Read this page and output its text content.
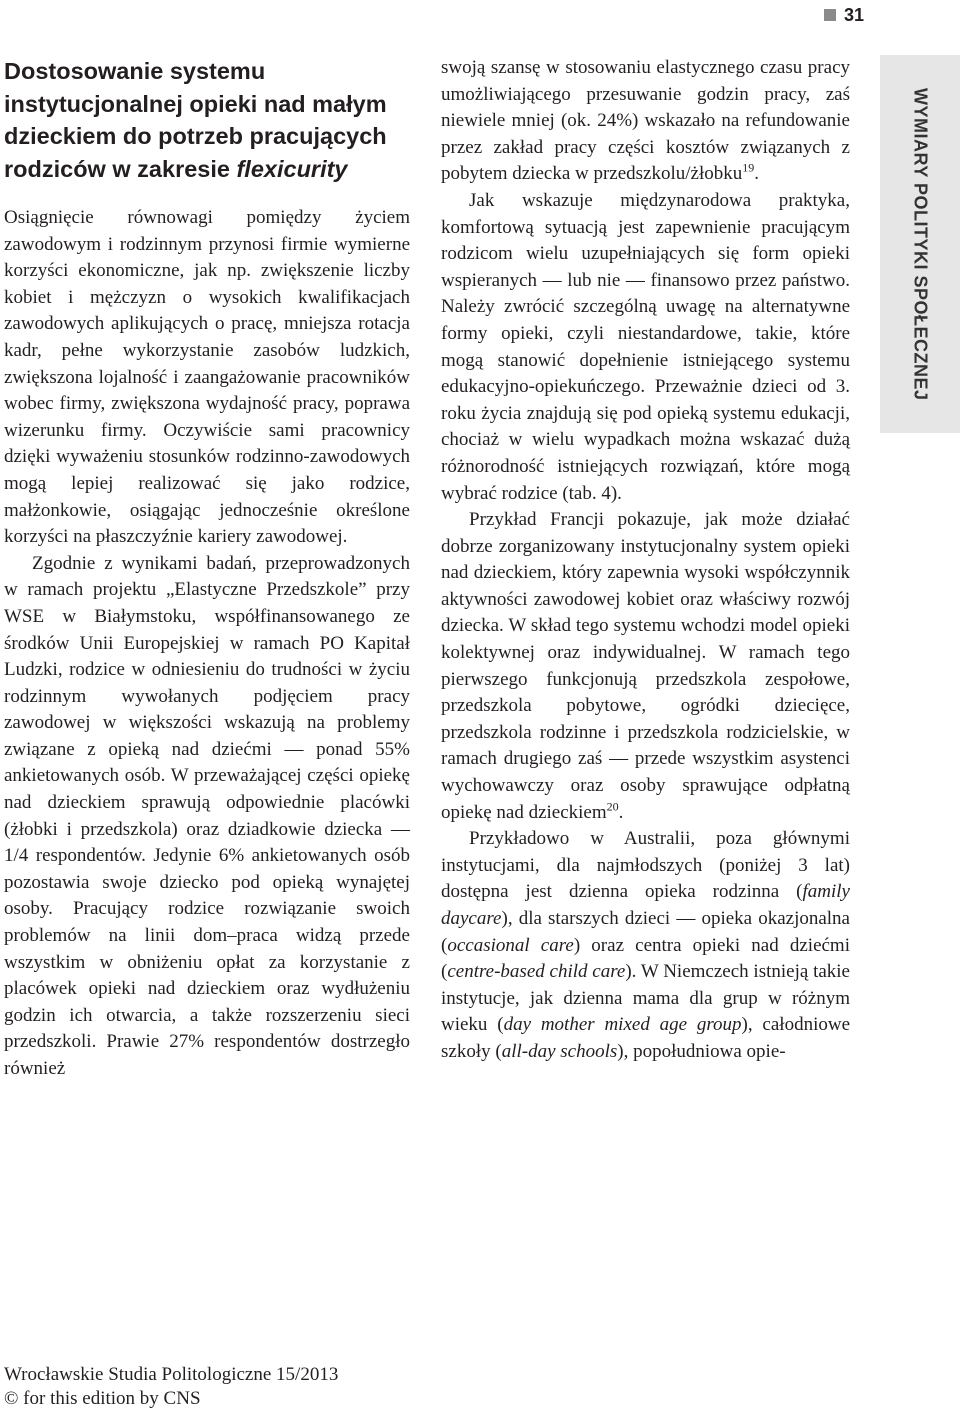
31
WYMIARY POLITYKI SPOŁECZNEJ
Dostosowanie systemu instytucjonalnej opieki nad małym dzieckiem do potrzeb pracujących rodziców w zakresie flexicurity

Osiągnięcie równowagi pomiędzy życiem zawodowym i rodzinnym przynosi firmie wymierne korzyści ekonomiczne, jak np. zwiększenie liczby kobiet i mężczyzn o wysokich kwalifikacjach zawodowych aplikujących o pracę, mniejsza rotacja kadr, pełne wykorzystanie zasobów ludzkich, zwiększona lojalność i zaangażowanie pracowników wobec firmy, zwiększona wydajność pracy, poprawa wizerunku firmy. Oczywiście sami pracownicy dzięki wyważeniu stosunków rodzinno-zawodowych mogą lepiej realizować się jako rodzice, małżonkowie, osiągając jednocześnie określone korzyści na płaszczyźnie kariery zawodowej.

Zgodnie z wynikami badań, przeprowadzonych w ramach projektu „Elastyczne Przedszkole” przy WSE w Białymstoku, współfinansowanego ze środków Unii Europejskiej w ramach PO Kapitał Ludzki, rodzice w odniesieniu do trudności w życiu rodzinnym wywołanych podjęciem pracy zawodowej w większości wskazują na problemy związane z opieką nad dziećmi — ponad 55% ankietowanych osób. W przeważającej części opiekę nad dzieckiem sprawują odpowiednie placówki (żłobki i przedszkola) oraz dziadkowie dziecka — 1/4 respondentów. Jedynie 6% ankietowanych osób pozostawia swoje dziecko pod opieką wynajętej osoby. Pracujący rodzice rozwiązanie swoich problemów na linii dom–praca widzą przede wszystkim w obniżeniu opłat za korzystanie z placówek opieki nad dzieckiem oraz wydłużeniu godzin ich otwarcia, a także rozszerzeniu sieci przedszkoli. Prawie 27% respondentów dostrzegło również

swoją szansę w stosowaniu elastycznego czasu pracy umożliwiającego przesuwanie godzin pracy, zaś niewiele mniej (ok. 24%) wskazało na refundowanie przez zakład pracy części kosztów związanych z pobytem dziecka w przedszkolu/żłobku$^{19}$.

Jak wskazuje międzynarodowa praktyka, komfortową sytuacją jest zapewnienie pracującym rodzicom wielu uzupełniających się form opieki wspieranych — lub nie — finansowo przez państwo. Należy zwrócić szczególną uwagę na alternatywne formy opieki, czyli niestandardowe, takie, które mogą stanowić dopełnienie istniejącego systemu edukacyjno-opiekuńczego. Przeważnie dzieci od 3. roku życia znajdują się pod opieką systemu edukacji, chociaż w wielu wypadkach można wskazać dużą różnorodność istniejących rozwiązań, które mogą wybrać rodzice (tab. 4).

Przykład Francji pokazuje, jak może działać dobrze zorganizowany instytucjonalny system opieki nad dzieckiem, który zapewnia wysoki współczynnik aktywności zawodowej kobiet oraz właściwy rozwój dziecka. W skład tego systemu wchodzi model opieki kolektywnej oraz indywidualnej. W ramach tego pierwszego funkcjonują przedszkola zespołowe, przedszkola pobytowe, ogródki dziecięce, przedszkola rodzinne i przedszkola rodzicielskie, w ramach drugiego zaś — przede wszystkim asystenci wychowawczy oraz osoby sprawujące odpłatną opiekę nad dzieckiem$^{20}$.

Przykładowo w Australii, poza głównymi instytucjami, dla najmłodszych (poniżej 3 lat) dostępna jest dzienna opieka rodzinna (family daycare), dla starszych dzieci — opieka okazjonalna (occasional care) oraz centra opieki nad dziećmi (centre-based child care). W Niemczech istnieją takie instytucje, jak dzienna mama dla grup w różnym wieku (day mother mixed age group), całodniowe szkoły (all-day schools), popołudniowa opie-

Wrocławskie Studia Politologiczne 15/2013
© for this edition by CNS
